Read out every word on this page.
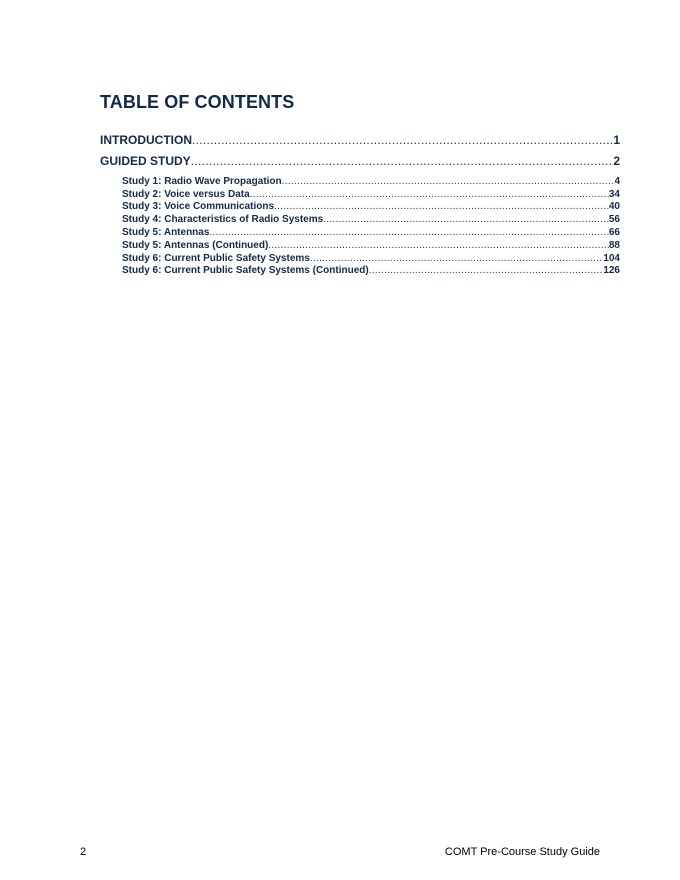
TABLE OF CONTENTS
INTRODUCTION .....	1
GUIDED STUDY .....	2
Study 1: Radio Wave Propagation .....	4
Study 2: Voice versus Data .....	34
Study 3: Voice Communications .....	40
Study 4: Characteristics of Radio Systems .....	56
Study 5: Antennas .....	66
Study 5: Antennas (Continued) .....	88
Study 6: Current Public Safety Systems .....	104
Study 6: Current Public Safety Systems (Continued) .....	126
2	COMT Pre-Course Study Guide
